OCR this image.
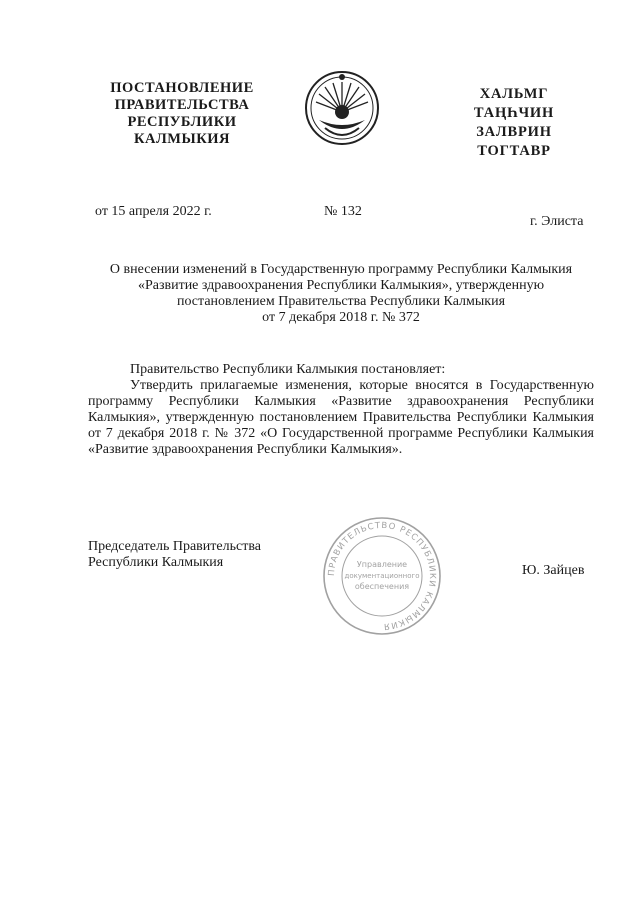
ПОСТАНОВЛЕНИЕ
ПРАВИТЕЛЬСТВА
РЕСПУБЛИКИ
КАЛМЫКИЯ
ХАЛЬМГ
ТАҢҺЧИН
ЗАЛВРИН
ТОГТАВР
от 15 апреля 2022 г.	№ 132
г. Элиста
О внесении изменений в Государственную программу Республики Калмыкия
«Развитие здравоохранения Республики Калмыкия», утвержденную
постановлением Правительства Республики Калмыкия
от 7 декабря 2018 г. № 372

Правительство Республики Калмыкия постановляет:

Утвердить прилагаемые изменения, которые вносятся в Государственную программу Республики Калмыкия «Развитие здравоохранения Республики Калмыкия», утвержденную постановлением Правительства Республики Калмыкия от 7 декабря 2018 г. № 372 «О Государственной программе Республики Калмыкия «Развитие здравоохранения Республики Калмыкия».

Председатель Правительства
Республики Калмыкия
ПРАВИТЕЛЬСТВО РЕСПУБЛИКИ КАЛМЫКИЯ
Управление
документационного
обеспечения
Ю. Зайцев
